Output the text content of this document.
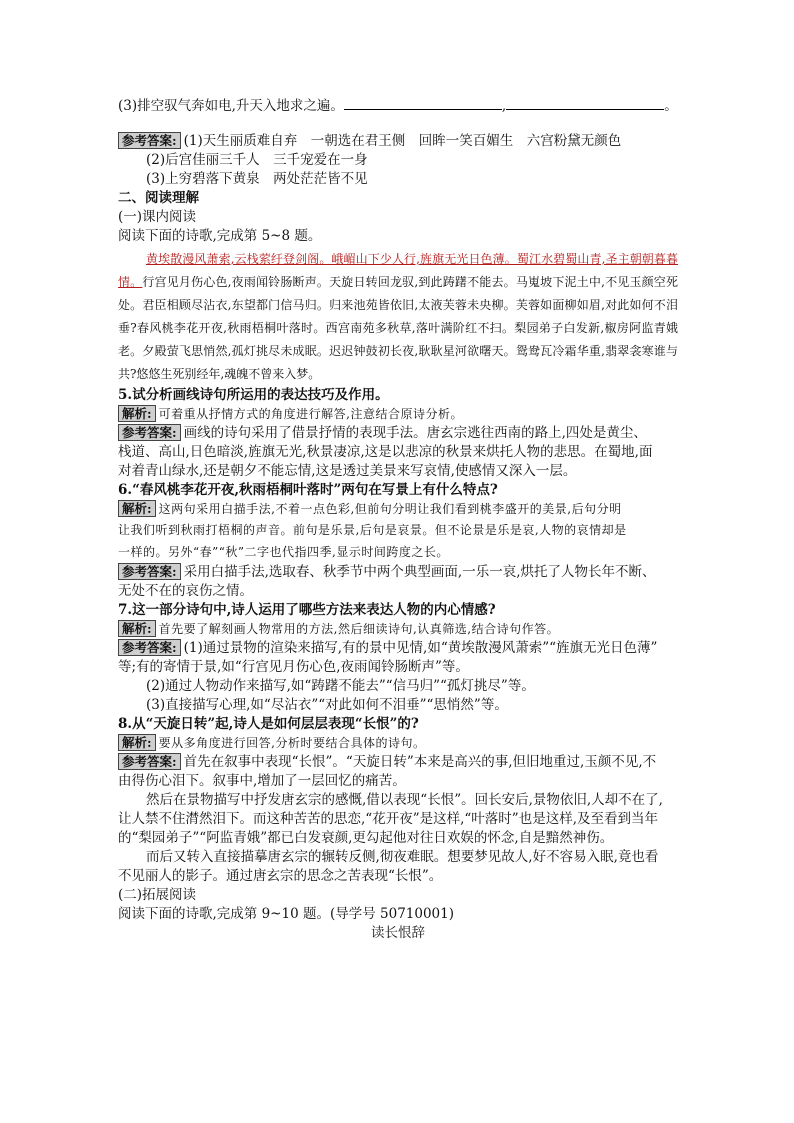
(3)排空驭气奔如电,升天入地求之遍。	,	。
参考答案: (1)天生丽质难自弃　一朝选在君王侧　回眸一笑百媚生　六宫粉黛无颜色
(2)后宫佳丽三千人　三千宠爱在一身
(3)上穷碧落下黄泉　两处茫茫皆不见
二、阅读理解
(一)课内阅读
阅读下面的诗歌,完成第 5~8 题。
黄埃散漫风萧索,云栈萦纡登剑阁。峨嵋山下少人行,旌旗无光日色薄。蜀江水碧蜀山青,圣主朝朝暮暮情。行宫见月伤心色,夜雨闻铃肠断声。天旋日转回龙驭,到此踌躇不能去。马嵬坡下泥土中,不见玉颜空死处。君臣相顾尽沾衣,东望都门信马归。归来池苑皆依旧,太液芙蓉未央柳。芙蓉如面柳如眉,对此如何不泪垂?春风桃李花开夜,秋雨梧桐叶落时。西宫南苑多秋草,落叶满阶红不扫。梨园弟子白发新,椒房阿监青娥老。夕殿萤飞思悄然,孤灯挑尽未成眠。迟迟钟鼓初长夜,耿耿星河欲曙天。鸳鸯瓦冷霜华重,翡翠衾寒谁与共?悠悠生死别经年,魂魄不曾来入梦。
5.试分析画线诗句所运用的表达技巧及作用。
解析: 可着重从抒情方式的角度进行解答,注意结合原诗分析。
参考答案: 画线的诗句采用了借景抒情的表现手法。唐玄宗逃往西南的路上,四处是黄尘、
栈道、高山,日色暗淡,旌旗无光,秋景凄凉,这是以悲凉的秋景来烘托人物的悲思。在蜀地,面
对着青山绿水,还是朝夕不能忘情,这是透过美景来写哀情,使感情又深入一层。
6.“春风桃李花开夜,秋雨梧桐叶落时”两句在写景上有什么特点?
解析: 这两句采用白描手法,不着一点色彩,但前句分明让我们看到桃李盛开的美景,后句分明
让我们听到秋雨打梧桐的声音。前句是乐景,后句是哀景。但不论景是乐是哀,人物的哀情却是
一样的。另外“春”“秋”二字也代指四季,显示时间跨度之长。
参考答案: 采用白描手法,选取春、秋季节中两个典型画面,一乐一哀,烘托了人物长年不断、
无处不在的哀伤之情。
7.这一部分诗句中,诗人运用了哪些方法来表达人物的内心情感?
解析: 首先要了解刻画人物常用的方法,然后细读诗句,认真筛选,结合诗句作答。
参考答案: (1)通过景物的渲染来描写,有的景中见情,如“黄埃散漫风萧索”“旌旗无光日色薄”
等;有的寄情于景,如“行宫见月伤心色,夜雨闻铃肠断声”等。
(2)通过人物动作来描写,如“踌躇不能去”“信马归”“孤灯挑尽”等。
(3)直接描写心理,如“尽沾衣”“对此如何不泪垂”“思悄然”等。
8.从“天旋日转”起,诗人是如何层层表现“长恨”的?
解析: 要从多角度进行回答,分析时要结合具体的诗句。
参考答案: 首先在叙事中表现“长恨”。“天旋日转”本来是高兴的事,但旧地重过,玉颜不见,不
由得伤心泪下。叙事中,增加了一层回忆的痛苦。
然后在景物描写中抒发唐玄宗的感慨,借以表现“长恨”。回长安后,景物依旧,人却不在了,
让人禁不住潸然泪下。而这种苦苦的思恋,“花开夜”是这样,“叶落时”也是这样,及至看到当年
的“梨园弟子”“阿监青娥”都已白发衰颜,更勾起他对往日欢娱的怀念,自是黯然神伤。
而后又转入直接描摹唐玄宗的辗转反侧,彻夜难眠。想要梦见故人,好不容易入眠,竟也看
不见丽人的影子。通过唐玄宗的思念之苦表现“长恨”。
(二)拓展阅读
阅读下面的诗歌,完成第 9~10 题。(导学号 50710001)
读长恨辞
